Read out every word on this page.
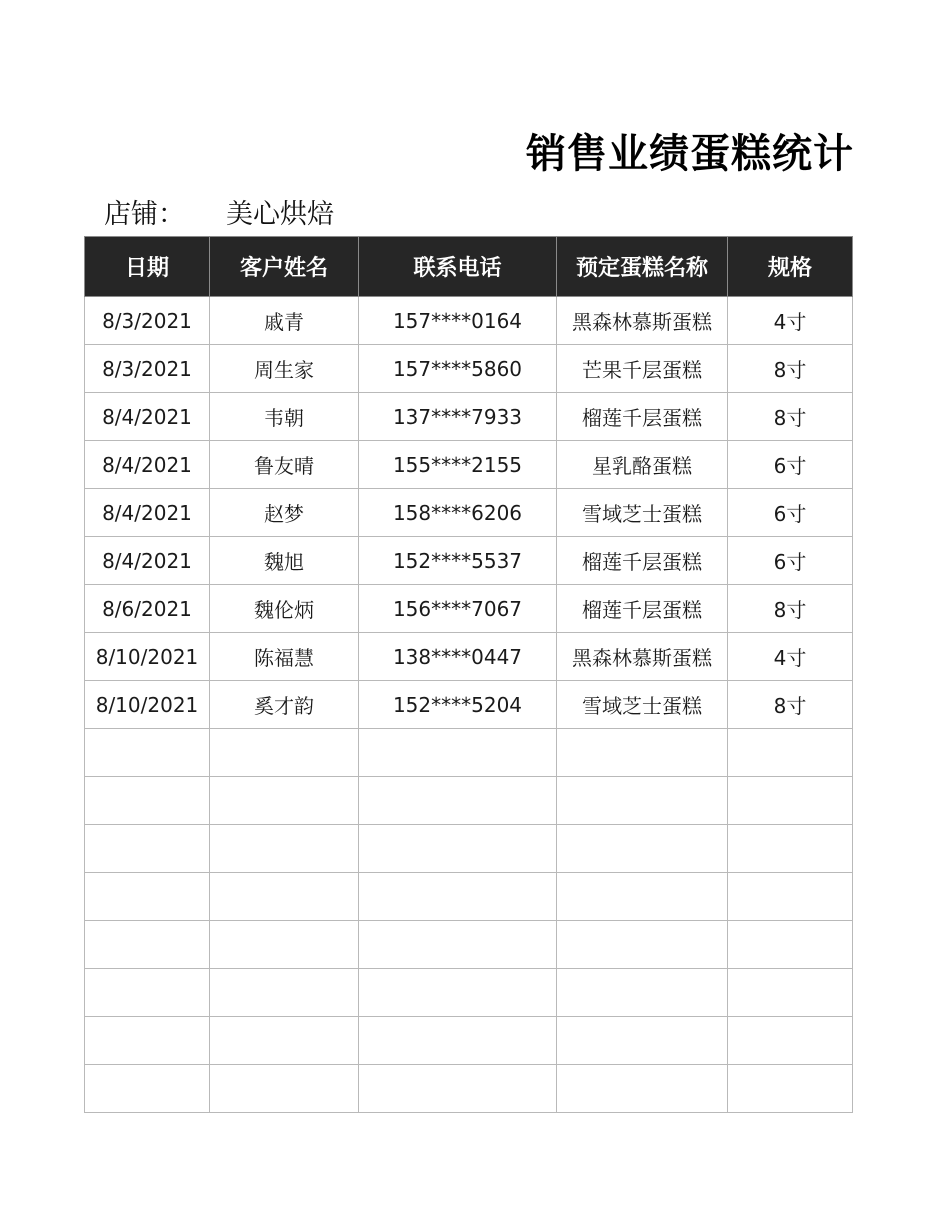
销售业绩蛋糕统计
店铺： 美心烘焙
日期	客户姓名	联系电话	预定蛋糕名称	规格
8/3/2021	戚青	157****0164	黑森林慕斯蛋糕	4寸
8/3/2021	周生家	157****5860	芒果千层蛋糕	8寸
8/4/2021	韦朝	137****7933	榴莲千层蛋糕	8寸
8/4/2021	鲁友晴	155****2155	星乳酪蛋糕	6寸
8/4/2021	赵梦	158****6206	雪域芝士蛋糕	6寸
8/4/2021	魏旭	152****5537	榴莲千层蛋糕	6寸
8/6/2021	魏伦炳	156****7067	榴莲千层蛋糕	8寸
8/10/2021	陈福慧	138****0447	黑森林慕斯蛋糕	4寸
8/10/2021	奚才韵	152****5204	雪域芝士蛋糕	8寸
